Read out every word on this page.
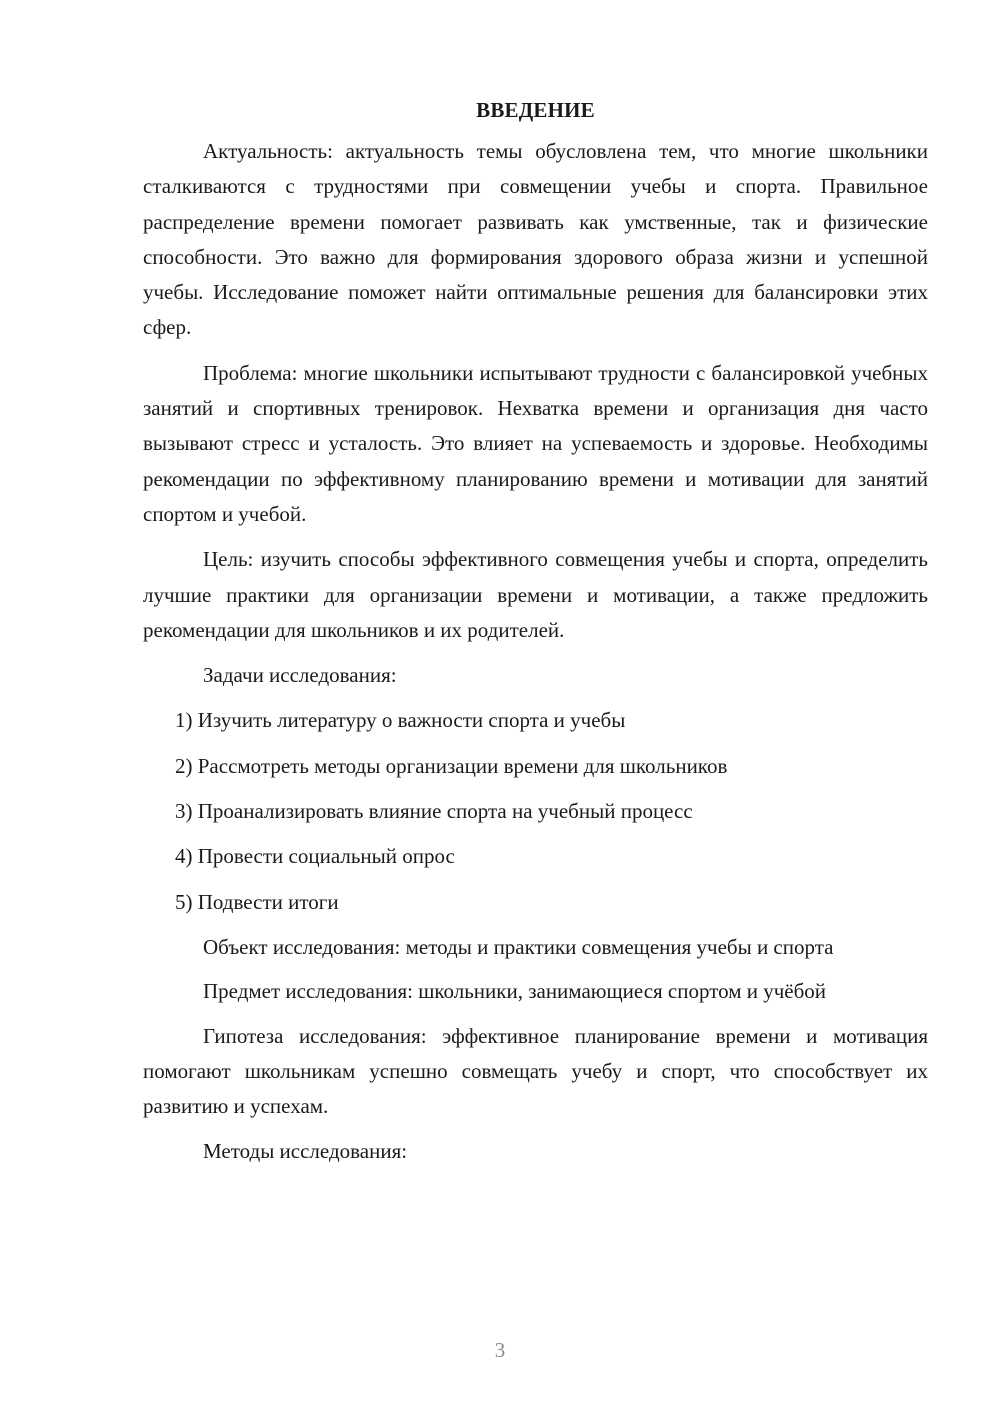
ВВЕДЕНИЕ

Актуальность: актуальность темы обусловлена тем, что многие школьники сталкиваются с трудностями при совмещении учебы и спорта. Правильное распределение времени помогает развивать как умственные, так и физические способности. Это важно для формирования здорового образа жизни и успешной учебы. Исследование поможет найти оптимальные решения для балансировки этих сфер.

Проблема: многие школьники испытывают трудности с балансировкой учебных занятий и спортивных тренировок. Нехватка времени и организация дня часто вызывают стресс и усталость. Это влияет на успеваемость и здоровье. Необходимы рекомендации по эффективному планированию времени и мотивации для занятий спортом и учебой.

Цель: изучить способы эффективного совмещения учебы и спорта, определить лучшие практики для организации времени и мотивации, а также предложить рекомендации для школьников и их родителей.

Задачи исследования:

1) Изучить литературу о важности спорта и учебы
2) Рассмотреть методы организации времени для школьников
3) Проанализировать влияние спорта на учебный процесс
4) Провести социальный опрос
5) Подвести итоги

Объект исследования: методы и практики совмещения учебы и спорта

Предмет исследования: школьники, занимающиеся спортом и учёбой

Гипотеза исследования: эффективное планирование времени и мотивация помогают школьникам успешно совмещать учебу и спорт, что способствует их развитию и успехам.

Методы исследования:

3
